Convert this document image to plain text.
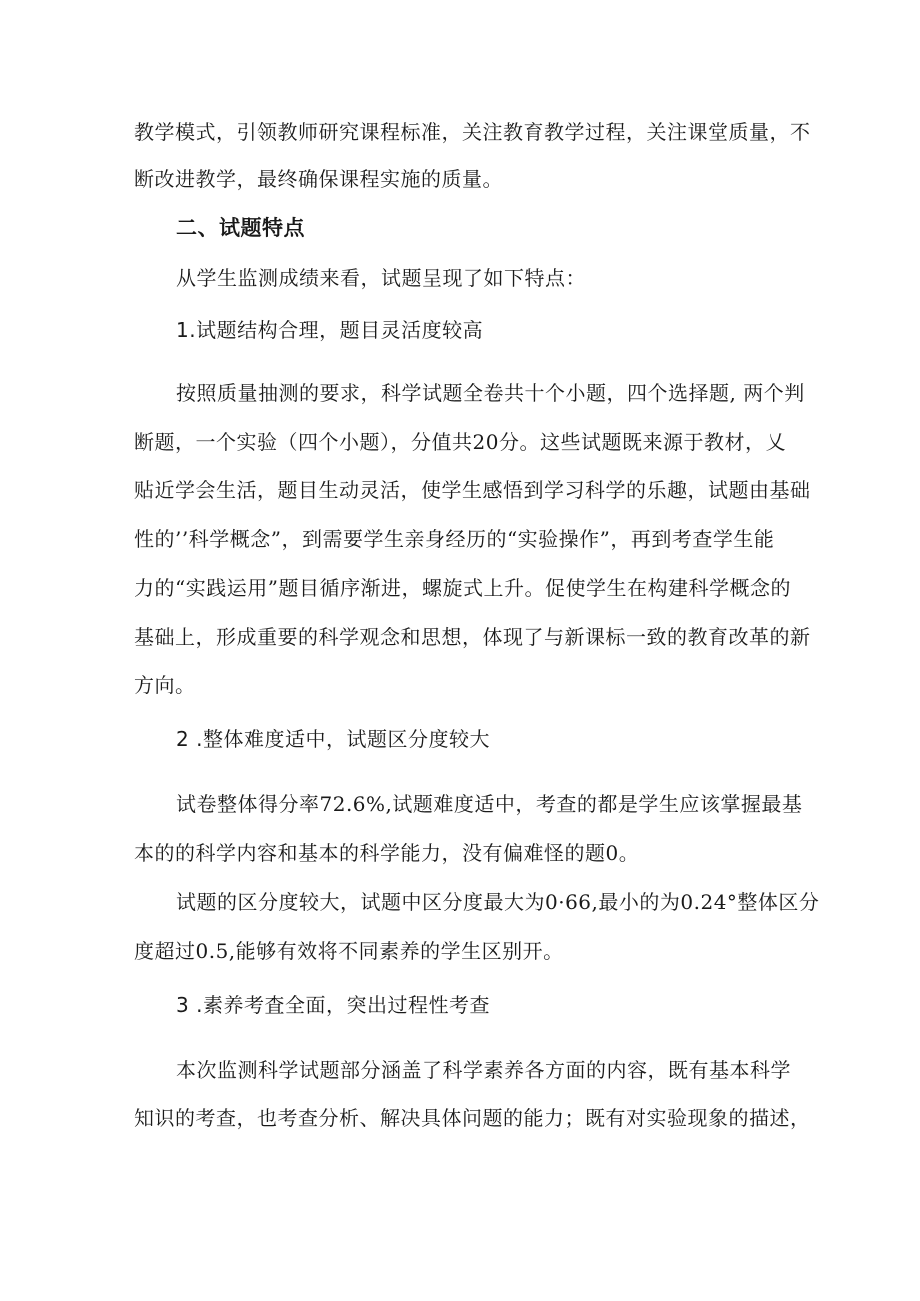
教学模式，引领教师研究课程标准，关注教育教学过程，关注课堂质量，不
断改进教学，最终确保课程实施的质量。
二、试题特点
从学生监测成绩来看，试题呈现了如下特点：
1.试题结构合理，题目灵活度较高
按照质量抽测的要求，科学试题全卷共十个小题，四个选择题, 两个判
断题，一个实验（四个小题），分值共20分。这些试题既来源于教材，乂
贴近学会生活，题目生动灵活，使学生感悟到学习科学的乐趣，试题由基础
性的’’科学概念”，到需要学生亲身经历的“实验操作”，再到考查学生能
力的“实践运用”题目循序渐进，螺旋式上升。促使学生在构建科学概念的
基础上，形成重要的科学观念和思想，体现了与新课标一致的教育改革的新
方向。
2 .整体难度适中，试题区分度较大
试卷整体得分率72.6%,试题难度适中，考查的都是学生应该掌握最基
本的的科学内容和基本的科学能力，没有偏难怪的题0。
试题的区分度较大，试题中区分度最大为0·66,最小的为0.24°整体区分
度超过0.5,能够有效将不同素养的学生区别开。
3 .素养考査全面，突出过程性考查
本次监测科学试题部分涵盖了科学素养各方面的内容，既有基本科学
知识的考查，也考查分析、解决具体问题的能力；既有对实验现象的描述，
